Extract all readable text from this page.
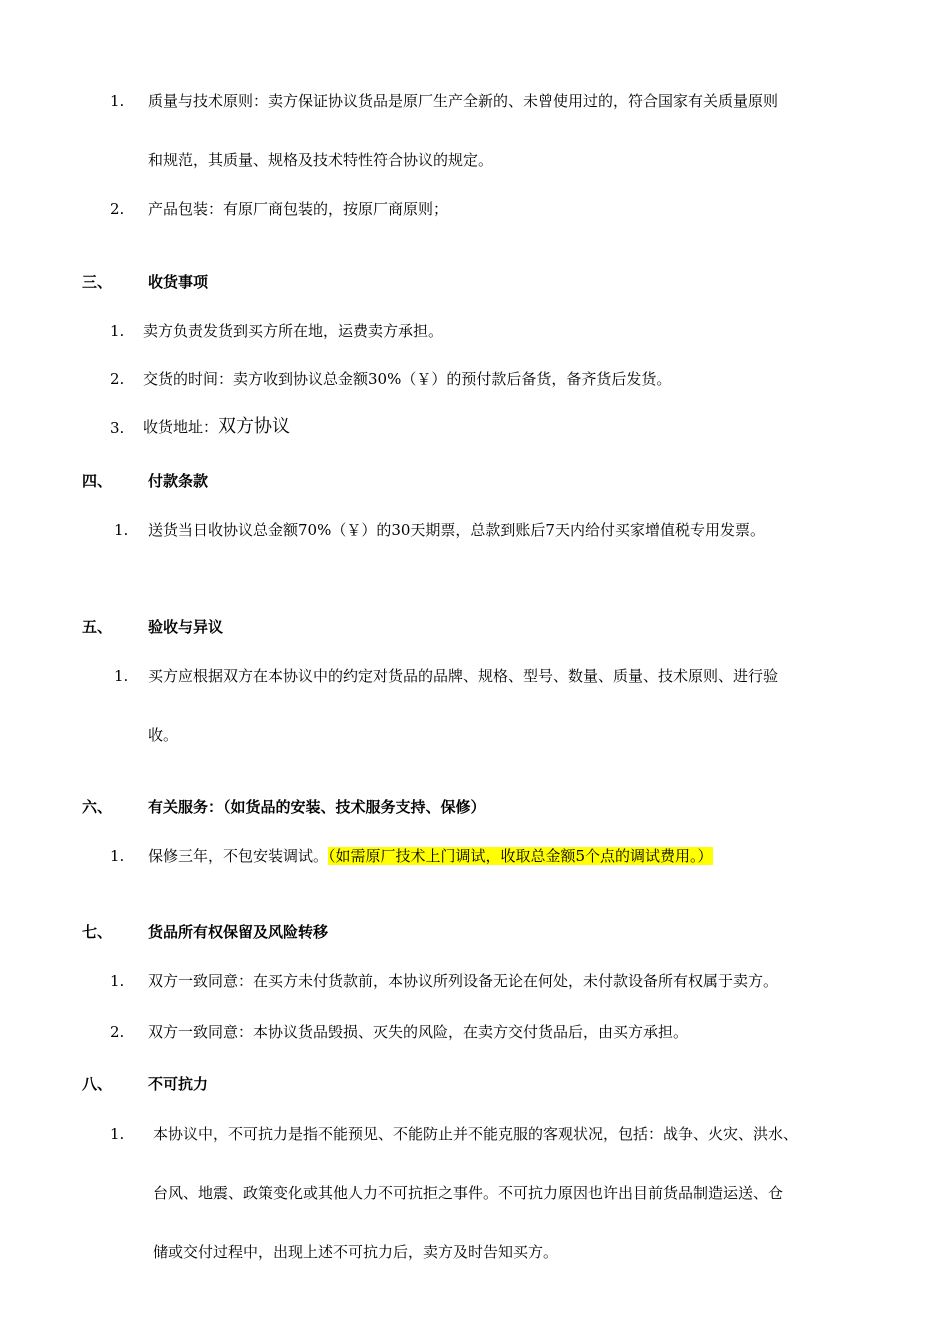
1. 质量与技术原则：卖方保证协议货品是原厂生产全新的、未曾使用过的，符合国家有关质量原则
和规范，其质量、规格及技术特性符合协议的规定。
2. 产品包装：有原厂商包装的，按原厂商原则；
三、 收货事项
1. 卖方负责发货到买方所在地，运费卖方承担。
2. 交货的时间：卖方收到协议总金额30%（￥）的预付款后备货，备齐货后发货。
3. 收货地址：双方协议
四、 付款条款
1. 送货当日收协议总金额70%（￥）的30天期票，总款到账后7天内给付买家增值税专用发票。
五、 验收与异议
1. 买方应根据双方在本协议中的约定对货品的品牌、规格、型号、数量、质量、技术原则、进行验
收。
六、 有关服务：（如货品的安装、技术服务支持、保修）
1. 保修三年，不包安装调试。（如需原厂技术上门调试，收取总金额5个点的调试费用。）
七、 货品所有权保留及风险转移
1. 双方一致同意：在买方未付货款前，本协议所列设备无论在何处，未付款设备所有权属于卖方。
2. 双方一致同意：本协议货品毁损、灭失的风险，在卖方交付货品后，由买方承担。
八、 不可抗力
1. 本协议中，不可抗力是指不能预见、不能防止并不能克服的客观状况，包括：战争、火灾、洪水、
台风、地震、政策变化或其他人力不可抗拒之事件。不可抗力原因也许出目前货品制造运送、仓
储或交付过程中，出现上述不可抗力后，卖方及时告知买方。
